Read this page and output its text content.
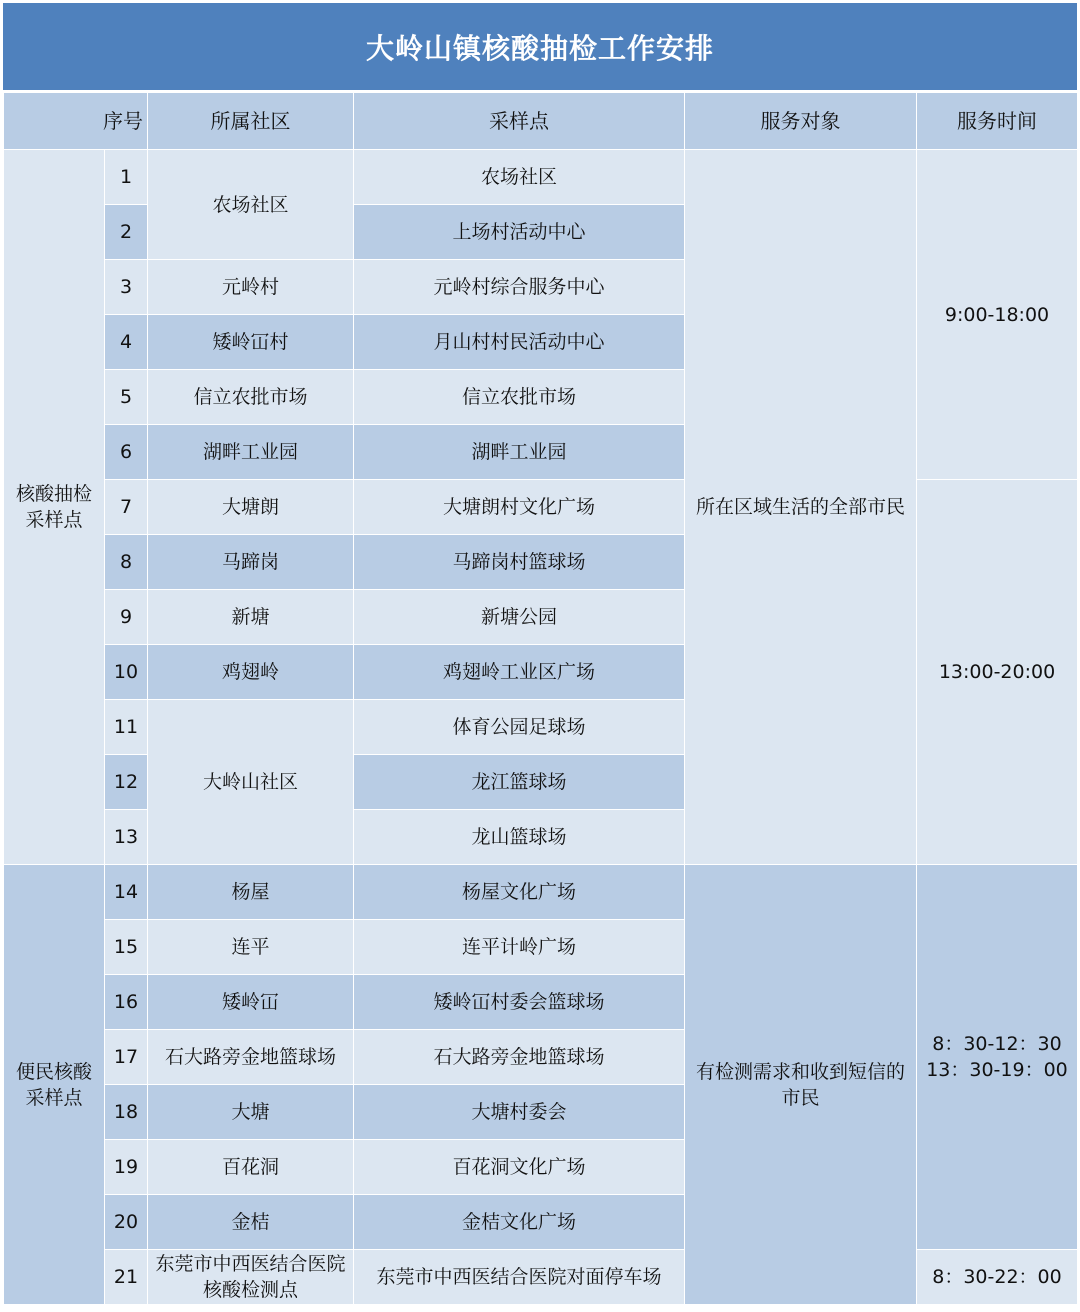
大岭山镇核酸抽检工作安排
序号		所属社区	采样点	服务对象	服务时间
核酸抽检
采样点	1	农场社区	农场社区	所在区域生活的全部市民	9:00-18:00
	2		上场村活动中心		
	3	元岭村	元岭村综合服务中心		
	4	矮岭冚村	月山村村民活动中心		
	5	信立农批市场	信立农批市场		
	6	湖畔工业园	湖畔工业园		
	7	大塘朗	大塘朗村文化广场		13:00-20:00
	8	马蹄岗	马蹄岗村篮球场		
	9	新塘	新塘公园		
	10	鸡翅岭	鸡翅岭工业区广场		
	11	大岭山社区	体育公园足球场		
	12		龙江篮球场		
	13		龙山篮球场		
便民核酸
采样点	14	杨屋	杨屋文化广场	有检测需求和收到短信的市民	8：30-12：30
13：30-19：00
	15	连平	连平计岭广场		
	16	矮岭冚	矮岭冚村委会篮球场		
	17	石大路旁金地篮球场	石大路旁金地篮球场		
	18	大塘	大塘村委会		
	19	百花洞	百花洞文化广场		
	20	金桔	金桔文化广场		
	21	东莞市中西医结合医院核酸检测点	东莞市中西医结合医院对面停车场		8：30-22：00
